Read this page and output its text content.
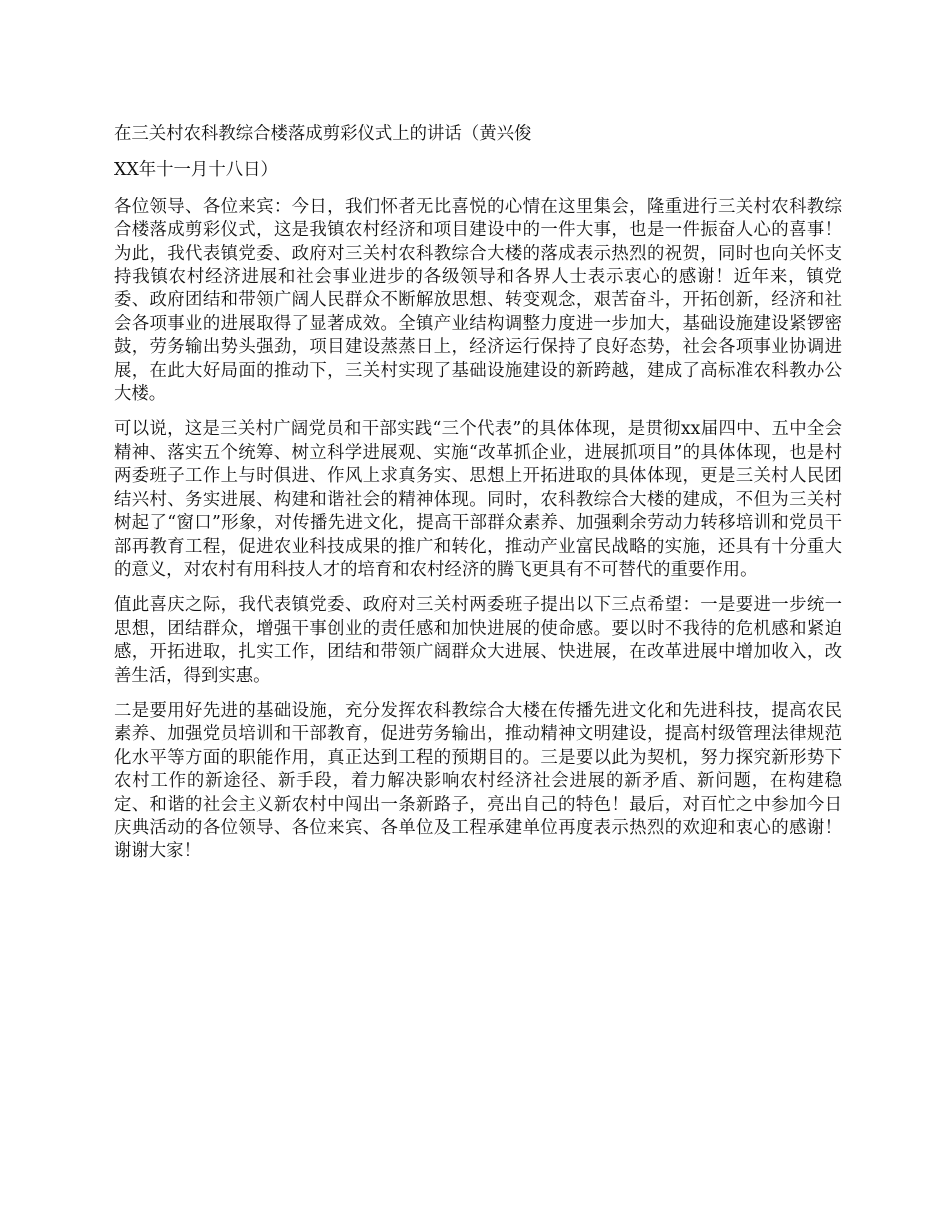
在三关村农科教综合楼落成剪彩仪式上的讲话（黄兴俊

XX年十一月十八日）

各位领导、各位来宾：今日，我们怀者无比喜悦的心情在这里集会，隆重进行三关村农科教综合楼落成剪彩仪式，这是我镇农村经济和项目建设中的一件大事，也是一件振奋人心的喜事！为此，我代表镇党委、政府对三关村农科教综合大楼的落成表示热烈的祝贺，同时也向关怀支持我镇农村经济进展和社会事业进步的各级领导和各界人士表示衷心的感谢！近年来，镇党委、政府团结和带领广阔人民群众不断解放思想、转变观念，艰苦奋斗，开拓创新，经济和社会各项事业的进展取得了显著成效。全镇产业结构调整力度进一步加大，基础设施建设紧锣密鼓，劳务输出势头强劲，项目建设蒸蒸日上，经济运行保持了良好态势，社会各项事业协调进展，在此大好局面的推动下，三关村实现了基础设施建设的新跨越，建成了高标准农科教办公大楼。

可以说，这是三关村广阔党员和干部实践“三个代表”的具体体现，是贯彻xx届四中、五中全会精神、落实五个统筹、树立科学进展观、实施“改革抓企业，进展抓项目”的具体体现，也是村两委班子工作上与时俱进、作风上求真务实、思想上开拓进取的具体体现，更是三关村人民团结兴村、务实进展、构建和谐社会的精神体现。同时，农科教综合大楼的建成，不但为三关村树起了“窗口”形象，对传播先进文化，提高干部群众素养、加强剩余劳动力转移培训和党员干部再教育工程，促进农业科技成果的推广和转化，推动产业富民战略的实施，还具有十分重大的意义，对农村有用科技人才的培育和农村经济的腾飞更具有不可替代的重要作用。

值此喜庆之际，我代表镇党委、政府对三关村两委班子提出以下三点希望：一是要进一步统一思想，团结群众，增强干事创业的责任感和加快进展的使命感。要以时不我待的危机感和紧迫感，开拓进取，扎实工作，团结和带领广阔群众大进展、快进展，在改革进展中增加收入，改善生活，得到实惠。

二是要用好先进的基础设施，充分发挥农科教综合大楼在传播先进文化和先进科技，提高农民素养、加强党员培训和干部教育，促进劳务输出，推动精神文明建设，提高村级管理法律规范化水平等方面的职能作用，真正达到工程的预期目的。三是要以此为契机，努力探究新形势下农村工作的新途径、新手段，着力解决影响农村经济社会进展的新矛盾、新问题，在构建稳定、和谐的社会主义新农村中闯出一条新路子，亮出自己的特色！最后，对百忙之中参加今日庆典活动的各位领导、各位来宾、各单位及工程承建单位再度表示热烈的欢迎和衷心的感谢！谢谢大家！
